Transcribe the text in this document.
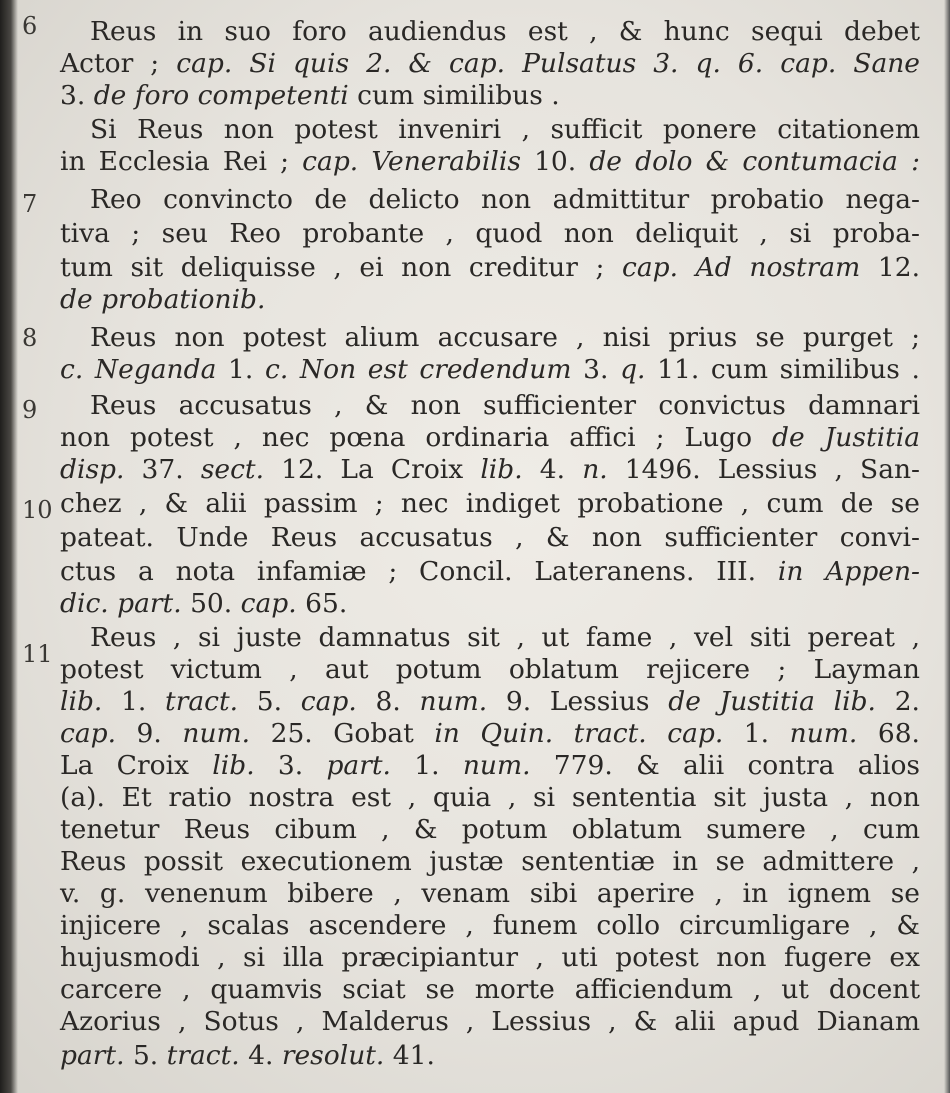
Reus in suo foro audiendus est , & hunc sequi debet
Actor ; cap. Si quis 2. & cap. Pulsatus 3. q. 6. cap. Sane
3. de foro competenti cum similibus .
Si Reus non potest inveniri , sufficit ponere citationem
in Ecclesia Rei ; cap. Venerabilis 10. de dolo & contumacia :
Reo convincto de delicto non admittitur probatio nega-
tiva ; seu Reo probante , quod non deliquit , si proba-
tum sit deliquisse , ei non creditur ; cap. Ad nostram 12.
de probationib.
Reus non potest alium accusare , nisi prius se purget ;
c. Neganda 1. c. Non est credendum 3. q. 11. cum similibus .
Reus accusatus , & non sufficienter convictus damnari
non potest , nec pœna ordinaria affici ; Lugo de Justitia
disp. 37. sect. 12. La Croix lib. 4. n. 1496. Lessius , San-
chez , & alii passim ; nec indiget probatione , cum de se
pateat. Unde Reus accusatus , & non sufficienter convi-
ctus a nota infamiæ ; Concil. Lateranens. III. in Appen-
dic. part. 50. cap. 65.
Reus , si juste damnatus sit , ut fame , vel siti pereat ,
potest victum , aut potum oblatum rejicere ; Layman
lib. 1. tract. 5. cap. 8. num. 9. Lessius de Justitia lib. 2.
cap. 9. num. 25. Gobat in Quin. tract. cap. 1. num. 68.
La Croix lib. 3. part. 1. num. 779. & alii contra alios
(a). Et ratio nostra est , quia , si sententia sit justa , non
tenetur Reus cibum , & potum oblatum sumere , cum
Reus possit executionem justæ sententiæ in se admittere ,
v. g. venenum bibere , venam sibi aperire , in ignem se
injicere , scalas ascendere , funem collo circumligare , &
hujusmodi , si illa præcipiantur , uti potest non fugere ex
carcere , quamvis sciat se morte afficiendum , ut docent
Azorius , Sotus , Malderus , Lessius , & alii apud Dianam
part. 5. tract. 4. resolut. 41.
6
7
8
9
10
11
